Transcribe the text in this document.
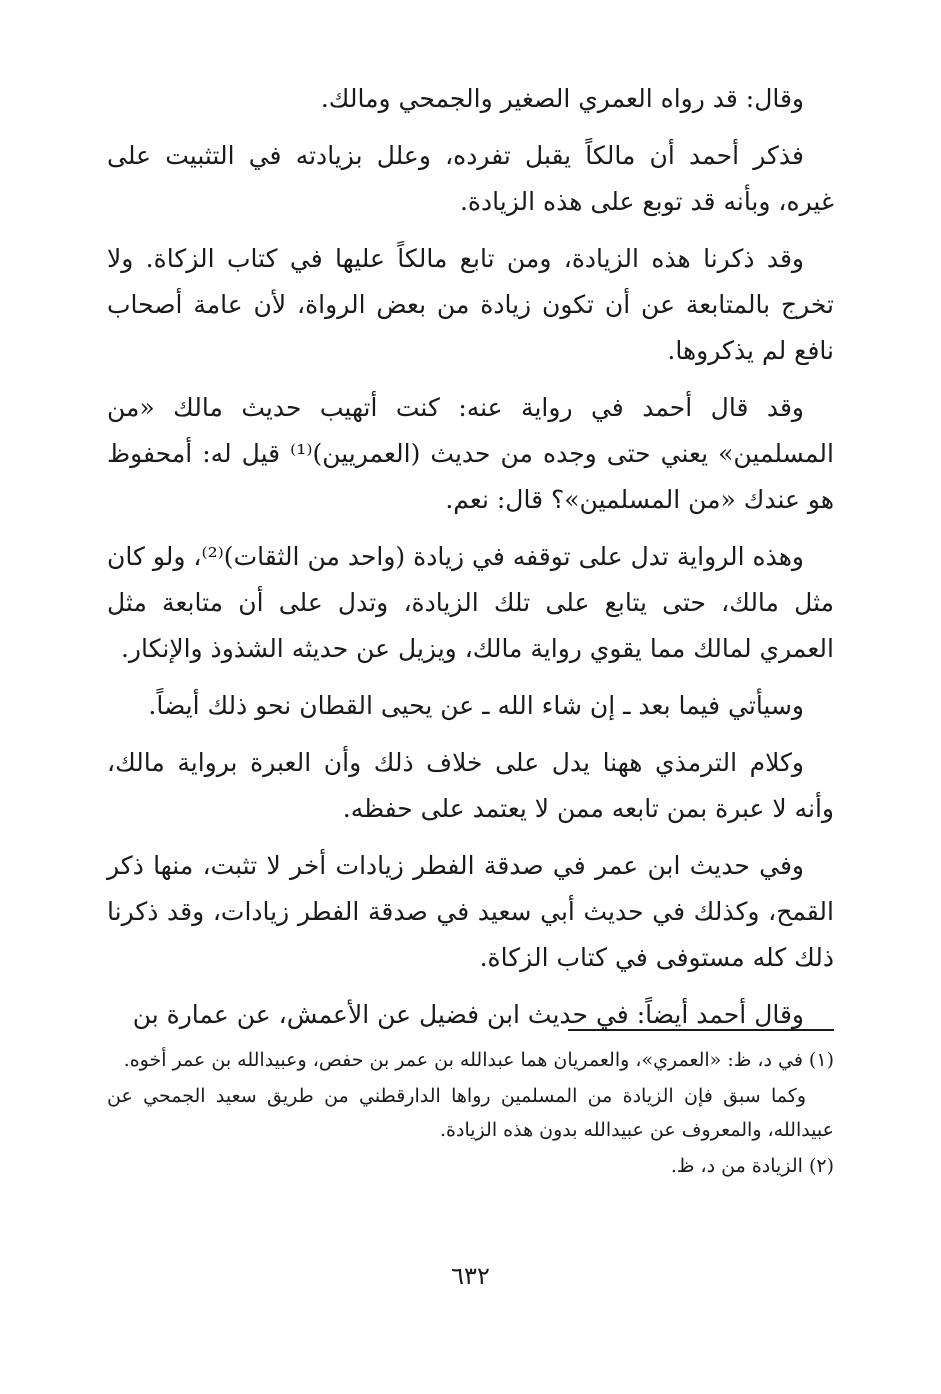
وقال: قد رواه العمري الصغير والجمحي ومالك.

فذكر أحمد أن مالكاً يقبل تفرده، وعلل بزيادته في التثبيت على غيره، وبأنه قد توبع على هذه الزيادة.

وقد ذكرنا هذه الزيادة، ومن تابع مالكاً عليها في كتاب الزكاة. ولا تخرج بالمتابعة عن أن تكون زيادة من بعض الرواة، لأن عامة أصحاب نافع لم يذكروها.

وقد قال أحمد في رواية عنه: كنت أتهيب حديث مالك «من المسلمين» يعني حتى وجده من حديث (العمريين)⁽¹⁾ قيل له: أمحفوظ هو عندك «من المسلمين»؟ قال: نعم.

وهذه الرواية تدل على توقفه في زيادة (واحد من الثقات)⁽²⁾، ولو كان مثل مالك، حتى يتابع على تلك الزيادة، وتدل على أن متابعة مثل العمري لمالك مما يقوي رواية مالك، ويزيل عن حديثه الشذوذ والإنكار.

وسيأتي فيما بعد ـ إن شاء الله ـ عن يحيى القطان نحو ذلك أيضاً.

وكلام الترمذي ههنا يدل على خلاف ذلك وأن العبرة برواية مالك، وأنه لا عبرة بمن تابعه ممن لا يعتمد على حفظه.

وفي حديث ابن عمر في صدقة الفطر زيادات أخر لا تثبت، منها ذكر القمح، وكذلك في حديث أبي سعيد في صدقة الفطر زيادات، وقد ذكرنا ذلك كله مستوفى في كتاب الزكاة.

وقال أحمد أيضاً: في حديث ابن فضيل عن الأعمش، عن عمارة بن

(١) في د، ظ: «العمري»، والعمريان هما عبدالله بن عمر بن حفص، وعبيدالله بن عمر أخوه.

وكما سبق فإن الزيادة من المسلمين رواها الدارقطني من طريق سعيد الجمحي عن عبيدالله، والمعروف عن عبيدالله بدون هذه الزيادة.

(٢) الزيادة من د، ظ.

٦٣٢
